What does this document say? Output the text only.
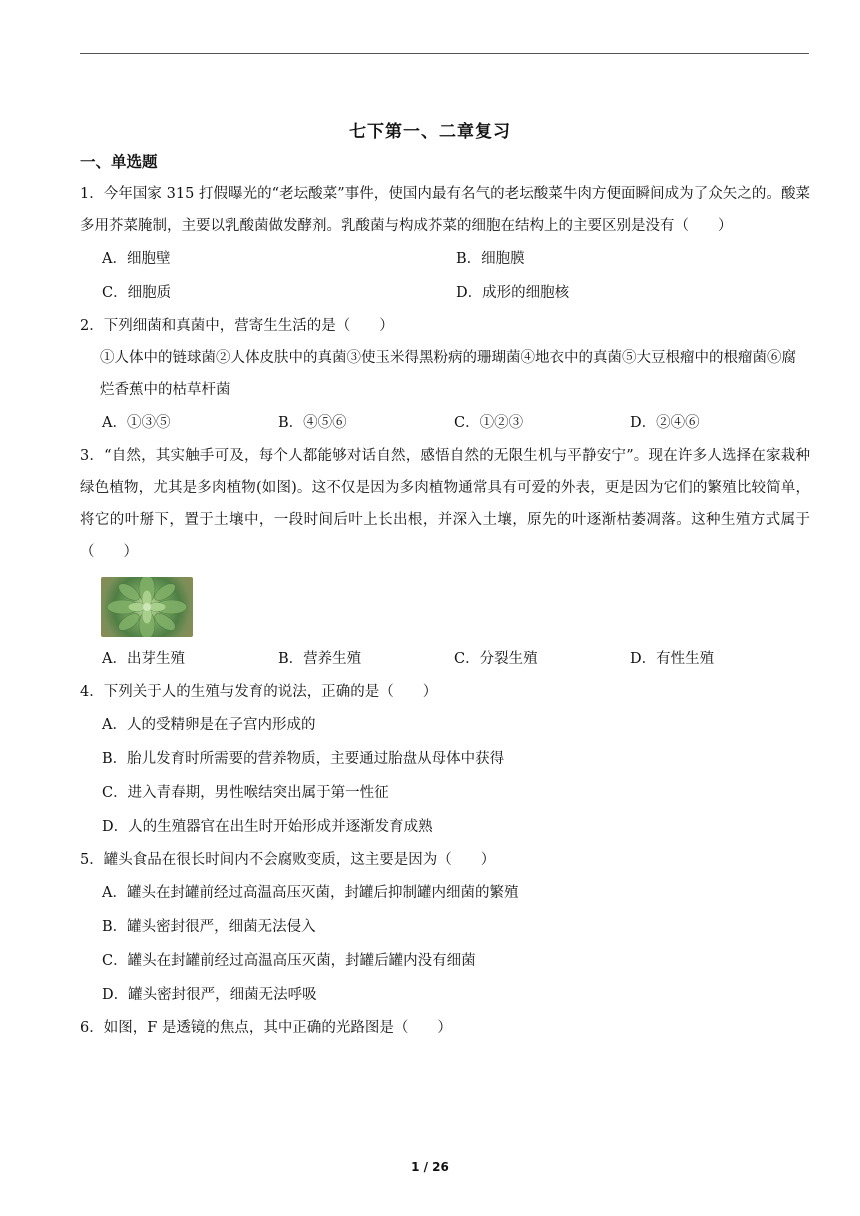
七下第一、二章复习
一、单选题

1．今年国家 315 打假曝光的“老坛酸菜”事件，使国内最有名气的老坛酸菜牛肉方便面瞬间成为了众矢之的。酸菜多用芥菜腌制，主要以乳酸菌做发酵剂。乳酸菌与构成芥菜的细胞在结构上的主要区别是没有（　　）

A．细胞壁	B．细胞膜
C．细胞质	D．成形的细胞核

2．下列细菌和真菌中，营寄生生活的是（　　）

①人体中的链球菌②人体皮肤中的真菌③使玉米得黑粉病的珊瑚菌④地衣中的真菌⑤大豆根瘤中的根瘤菌⑥腐烂香蕉中的枯草杆菌

A．①③⑤	B．④⑤⑥	C．①②③	D．②④⑥

3．“自然，其实触手可及，每个人都能够对话自然，感悟自然的无限生机与平静安宁”。现在许多人选择在家栽种绿色植物，尤其是多肉植物(如图)。这不仅是因为多肉植物通常具有可爱的外表，更是因为它们的繁殖比较简单，将它的叶掰下，置于土壤中，一段时间后叶上长出根，并深入土壤，原先的叶逐渐枯萎凋落。这种生殖方式属于（　　）

A．出芽生殖	B．营养生殖	C．分裂生殖	D．有性生殖

4．下列关于人的生殖与发育的说法，正确的是（　　）

A．人的受精卵是在子宫内形成的
B．胎儿发育时所需要的营养物质，主要通过胎盘从母体中获得
C．进入青春期，男性喉结突出属于第一性征
D．人的生殖器官在出生时开始形成并逐渐发育成熟

5．罐头食品在很长时间内不会腐败变质，这主要是因为（　　）

A．罐头在封罐前经过高温高压灭菌，封罐后抑制罐内细菌的繁殖
B．罐头密封很严，细菌无法侵入
C．罐头在封罐前经过高温高压灭菌，封罐后罐内没有细菌
D．罐头密封很严，细菌无法呼吸

6．如图，F 是透镜的焦点，其中正确的光路图是（　　）

1 / 26
